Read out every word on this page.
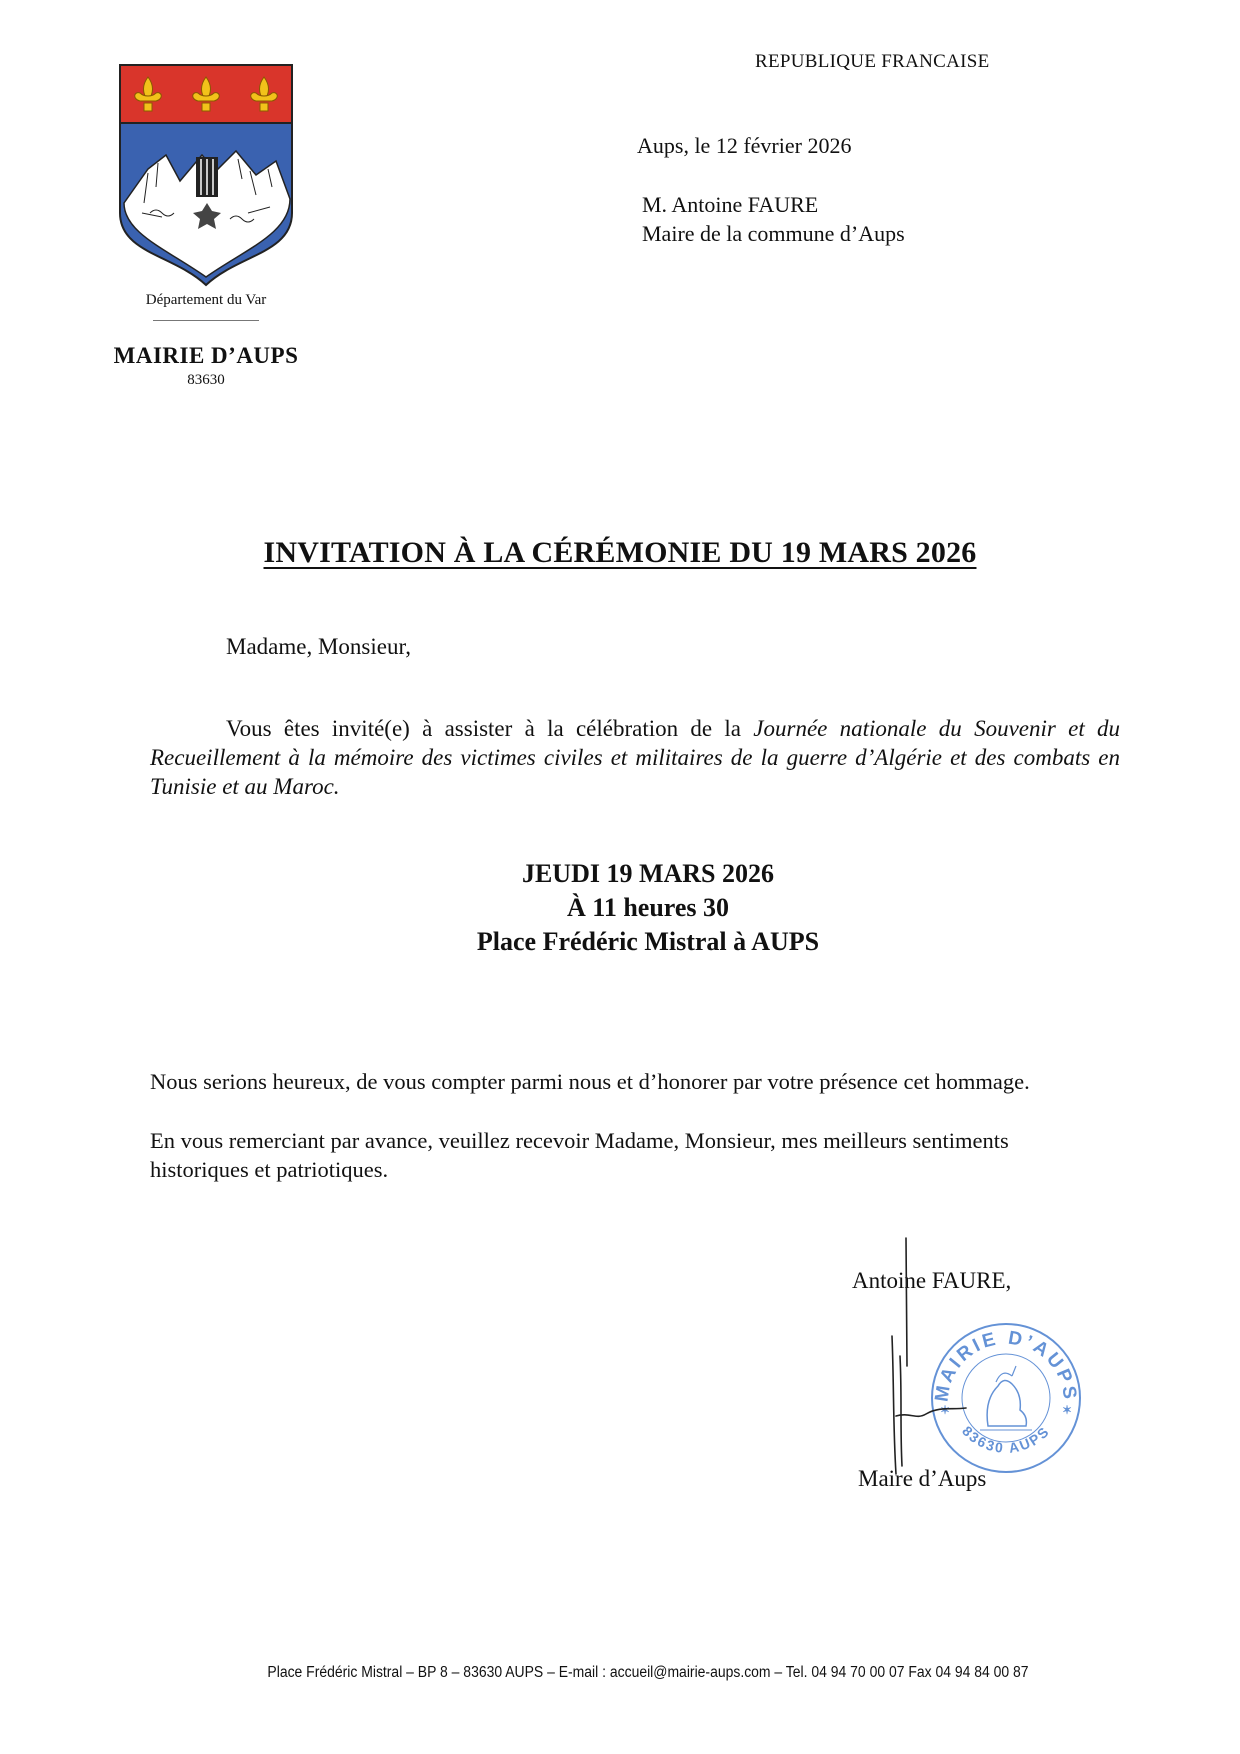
REPUBLIQUE FRANCAISE
Département du Var
MAIRIE D’AUPS
83630
Aups, le 12 février 2026
M. Antoine FAURE
Maire de la commune d’Aups
INVITATION À LA CÉRÉMONIE DU 19 MARS 2026
Madame, Monsieur,
Vous êtes invité(e) à assister à la célébration de la Journée nationale du Souvenir et du Recueillement à la mémoire des victimes civiles et militaires de la guerre d’Algérie et des combats en Tunisie et au Maroc.
JEUDI 19 MARS 2026
À 11 heures 30
Place Frédéric Mistral à AUPS
Nous serions heureux, de vous compter parmi nous et d’honorer par votre présence cet hommage.
En vous remerciant par avance, veuillez recevoir Madame, Monsieur, mes meilleurs sentiments historiques et patriotiques.
Antoine FAURE,
MAIRIE D’AUPS
83630 AUPS
✶	✶
Maire d’Aups
Place Frédéric Mistral – BP 8 – 83630 AUPS – E-mail : accueil@mairie-aups.com – Tel. 04 94 70 00 07 Fax 04 94 84 00 87
